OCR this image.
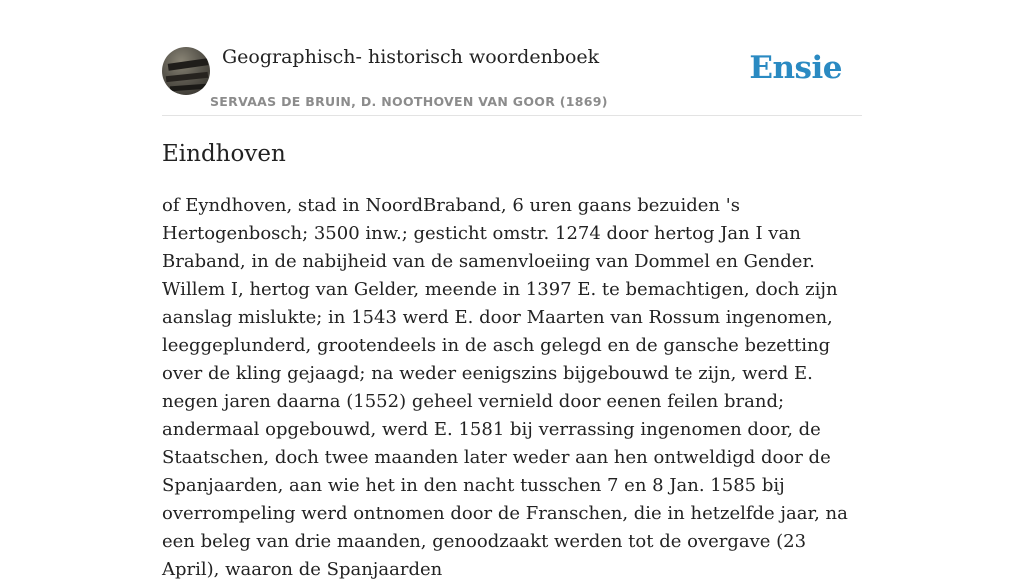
Geographisch- historisch woordenboek
SERVAAS DE BRUIN, D. NOOTHOVEN VAN GOOR (1869)
Ensie
Eindhoven

of Eyndhoven, stad in NoordBraband, 6 uren gaans bezuiden 's Hertogenbosch; 3500 inw.; gesticht omstr. 1274 door hertog Jan I van Braband, in de nabijheid van de samenvloeiing van Dommel en Gender. Willem I, hertog van Gelder, meende in 1397 E. te bemachtigen, doch zijn aanslag mislukte; in 1543 werd E. door Maarten van Rossum ingenomen, leeggeplunderd, grootendeels in de asch gelegd en de gansche bezetting over de kling gejaagd; na weder eenigszins bijgebouwd te zijn, werd E. negen jaren daarna (1552) geheel vernield door eenen feilen brand; andermaal opgebouwd, werd E. 1581 bij verrassing ingenomen door, de Staatschen, doch twee maanden later weder aan hen ontweldigd door de Spanjaarden, aan wie het in den nacht tusschen 7 en 8 Jan. 1585 bij overrompeling werd ontnomen door de Franschen, die in hetzelfde jaar, na een beleg van drie maanden, genoodzaakt werden tot de overgave (23 April), waaron de Spanjaarden
